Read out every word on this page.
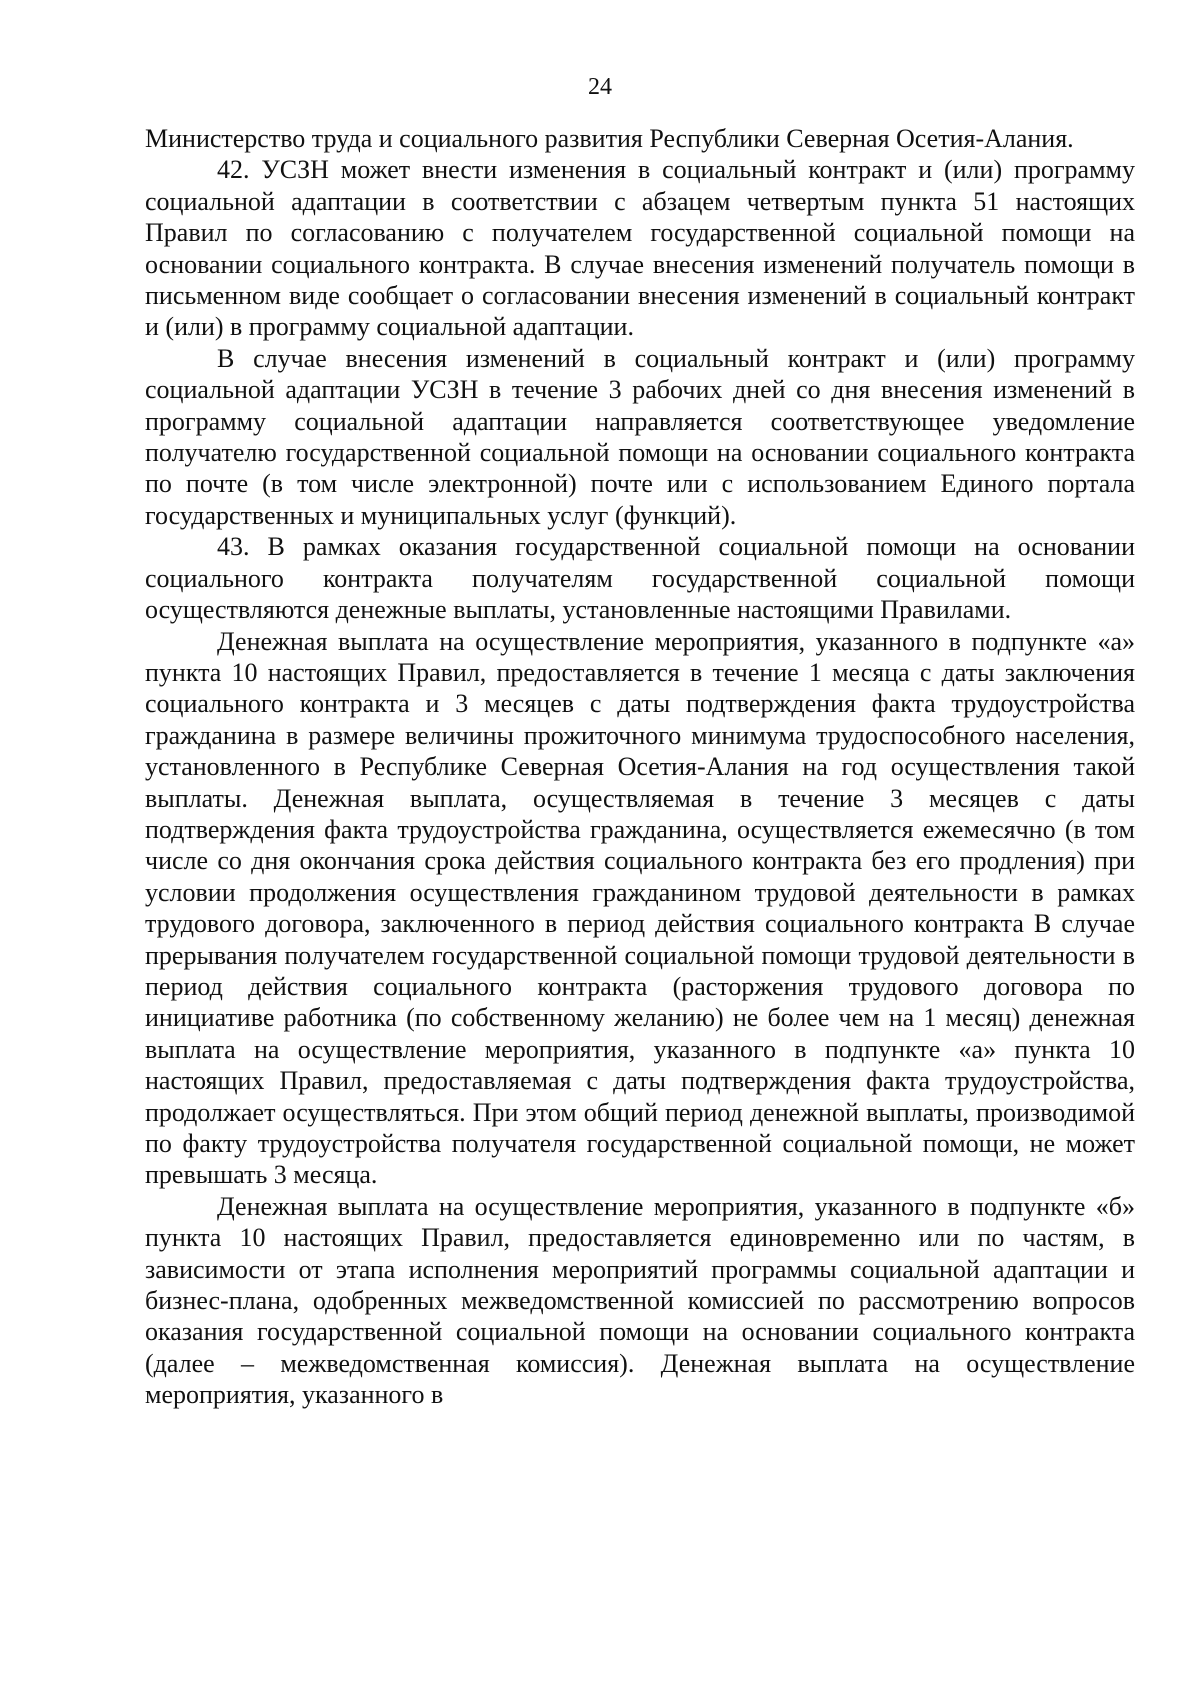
24

Министерство труда и социального развития Республики Северная Осетия-Алания.

42. УСЗН может внести изменения в социальный контракт и (или) программу социальной адаптации в соответствии с абзацем четвертым пункта 51 настоящих Правил по согласованию с получателем государственной социальной помощи на основании социального контракта. В случае внесения изменений получатель помощи в письменном виде сообщает о согласовании внесения изменений в социальный контракт и (или) в программу социальной адаптации.

В случае внесения изменений в социальный контракт и (или) программу социальной адаптации УСЗН в течение 3 рабочих дней со дня внесения изменений в программу социальной адаптации направляется соответствующее уведомление получателю государственной социальной помощи на основании социального контракта по почте (в том числе электронной) почте или с использованием Единого портала государственных и муниципальных услуг (функций).

43. В рамках оказания государственной социальной помощи на основании социального контракта получателям государственной социальной помощи осуществляются денежные выплаты, установленные настоящими Правилами.

Денежная выплата на осуществление мероприятия, указанного в подпункте «а» пункта 10 настоящих Правил, предоставляется в течение 1 месяца с даты заключения социального контракта и 3 месяцев с даты подтверждения факта трудоустройства гражданина в размере величины прожиточного минимума трудоспособного населения, установленного в Республике Северная Осетия-Алания на год осуществления такой выплаты. Денежная выплата, осуществляемая в течение 3 месяцев с даты подтверждения факта трудоустройства гражданина, осуществляется ежемесячно (в том числе со дня окончания срока действия социального контракта без его продления) при условии продолжения осуществления гражданином трудовой деятельности в рамках трудового договора, заключенного в период действия социального контракта В случае прерывания получателем государственной социальной помощи трудовой деятельности в период действия социального контракта (расторжения трудового договора по инициативе работника (по собственному желанию) не более чем на 1 месяц) денежная выплата на осуществление мероприятия, указанного в подпункте «а» пункта 10 настоящих Правил, предоставляемая с даты подтверждения факта трудоустройства, продолжает осуществляться. При этом общий период денежной выплаты, производимой по факту трудоустройства получателя государственной социальной помощи, не может превышать 3 месяца.

Денежная выплата на осуществление мероприятия, указанного в подпункте «б» пункта 10 настоящих Правил, предоставляется единовременно или по частям, в зависимости от этапа исполнения мероприятий программы социальной адаптации и бизнес-плана, одобренных межведомственной комиссией по рассмотрению вопросов оказания государственной социальной помощи на основании социального контракта (далее – межведомственная комиссия). Денежная выплата на осуществление мероприятия, указанного в
